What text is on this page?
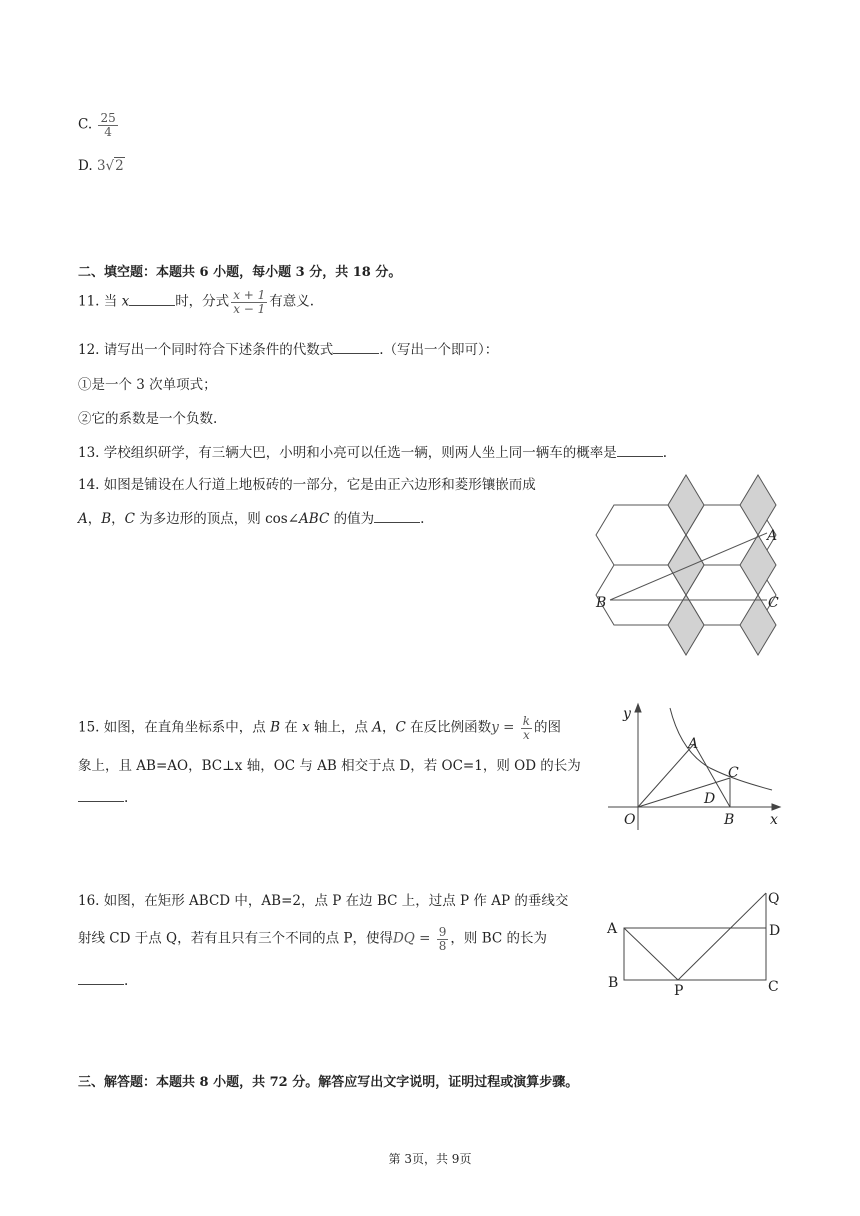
C. $\frac{25}{4}$
D. 3√2
二、填空题：本题共 6 小题，每小题 3 分，共 18 分。
11. 当 x	时，分式 $\frac{x + 1}{x - 1}$ 有意义.
12. 请写出一个同时符合下述条件的代数式	.（写出一个即可）：
①是一个 3 次单项式；
②它的系数是一个负数.
13. 学校组织研学，有三辆大巴，小明和小亮可以任选一辆，则两人坐上同一辆车的概率是	.
14. 如图是铺设在人行道上地板砖的一部分，它是由正六边形和菱形镶嵌而成
A，B，C 为多边形的顶点，则 cos∠ABC 的值为	.
A
B	C
15. 如图，在直角坐标系中，点 B 在 x 轴上，点 A，C 在反比例函数$y = \frac{k}{x}$ 的图
象上，且 AB=AO，BC⊥x 轴，OC 与 AB 相交于点 D，若 OC=1，则 OD 的长为
.
y
x
O
A
B
C
D
16. 如图，在矩形 ABCD 中，AB=2，点 P 在边 BC 上，过点 P 作 AP 的垂线交
射线 CD 于点 Q，若有且只有三个不同的点 P，使得DQ = $\frac{9}{8}$ ，则 BC 的长为
.
Q
A	D
B	P	C
三、解答题：本题共 8 小题，共 72 分。解答应写出文字说明，证明过程或演算步骤。
第 3页，共 9页
